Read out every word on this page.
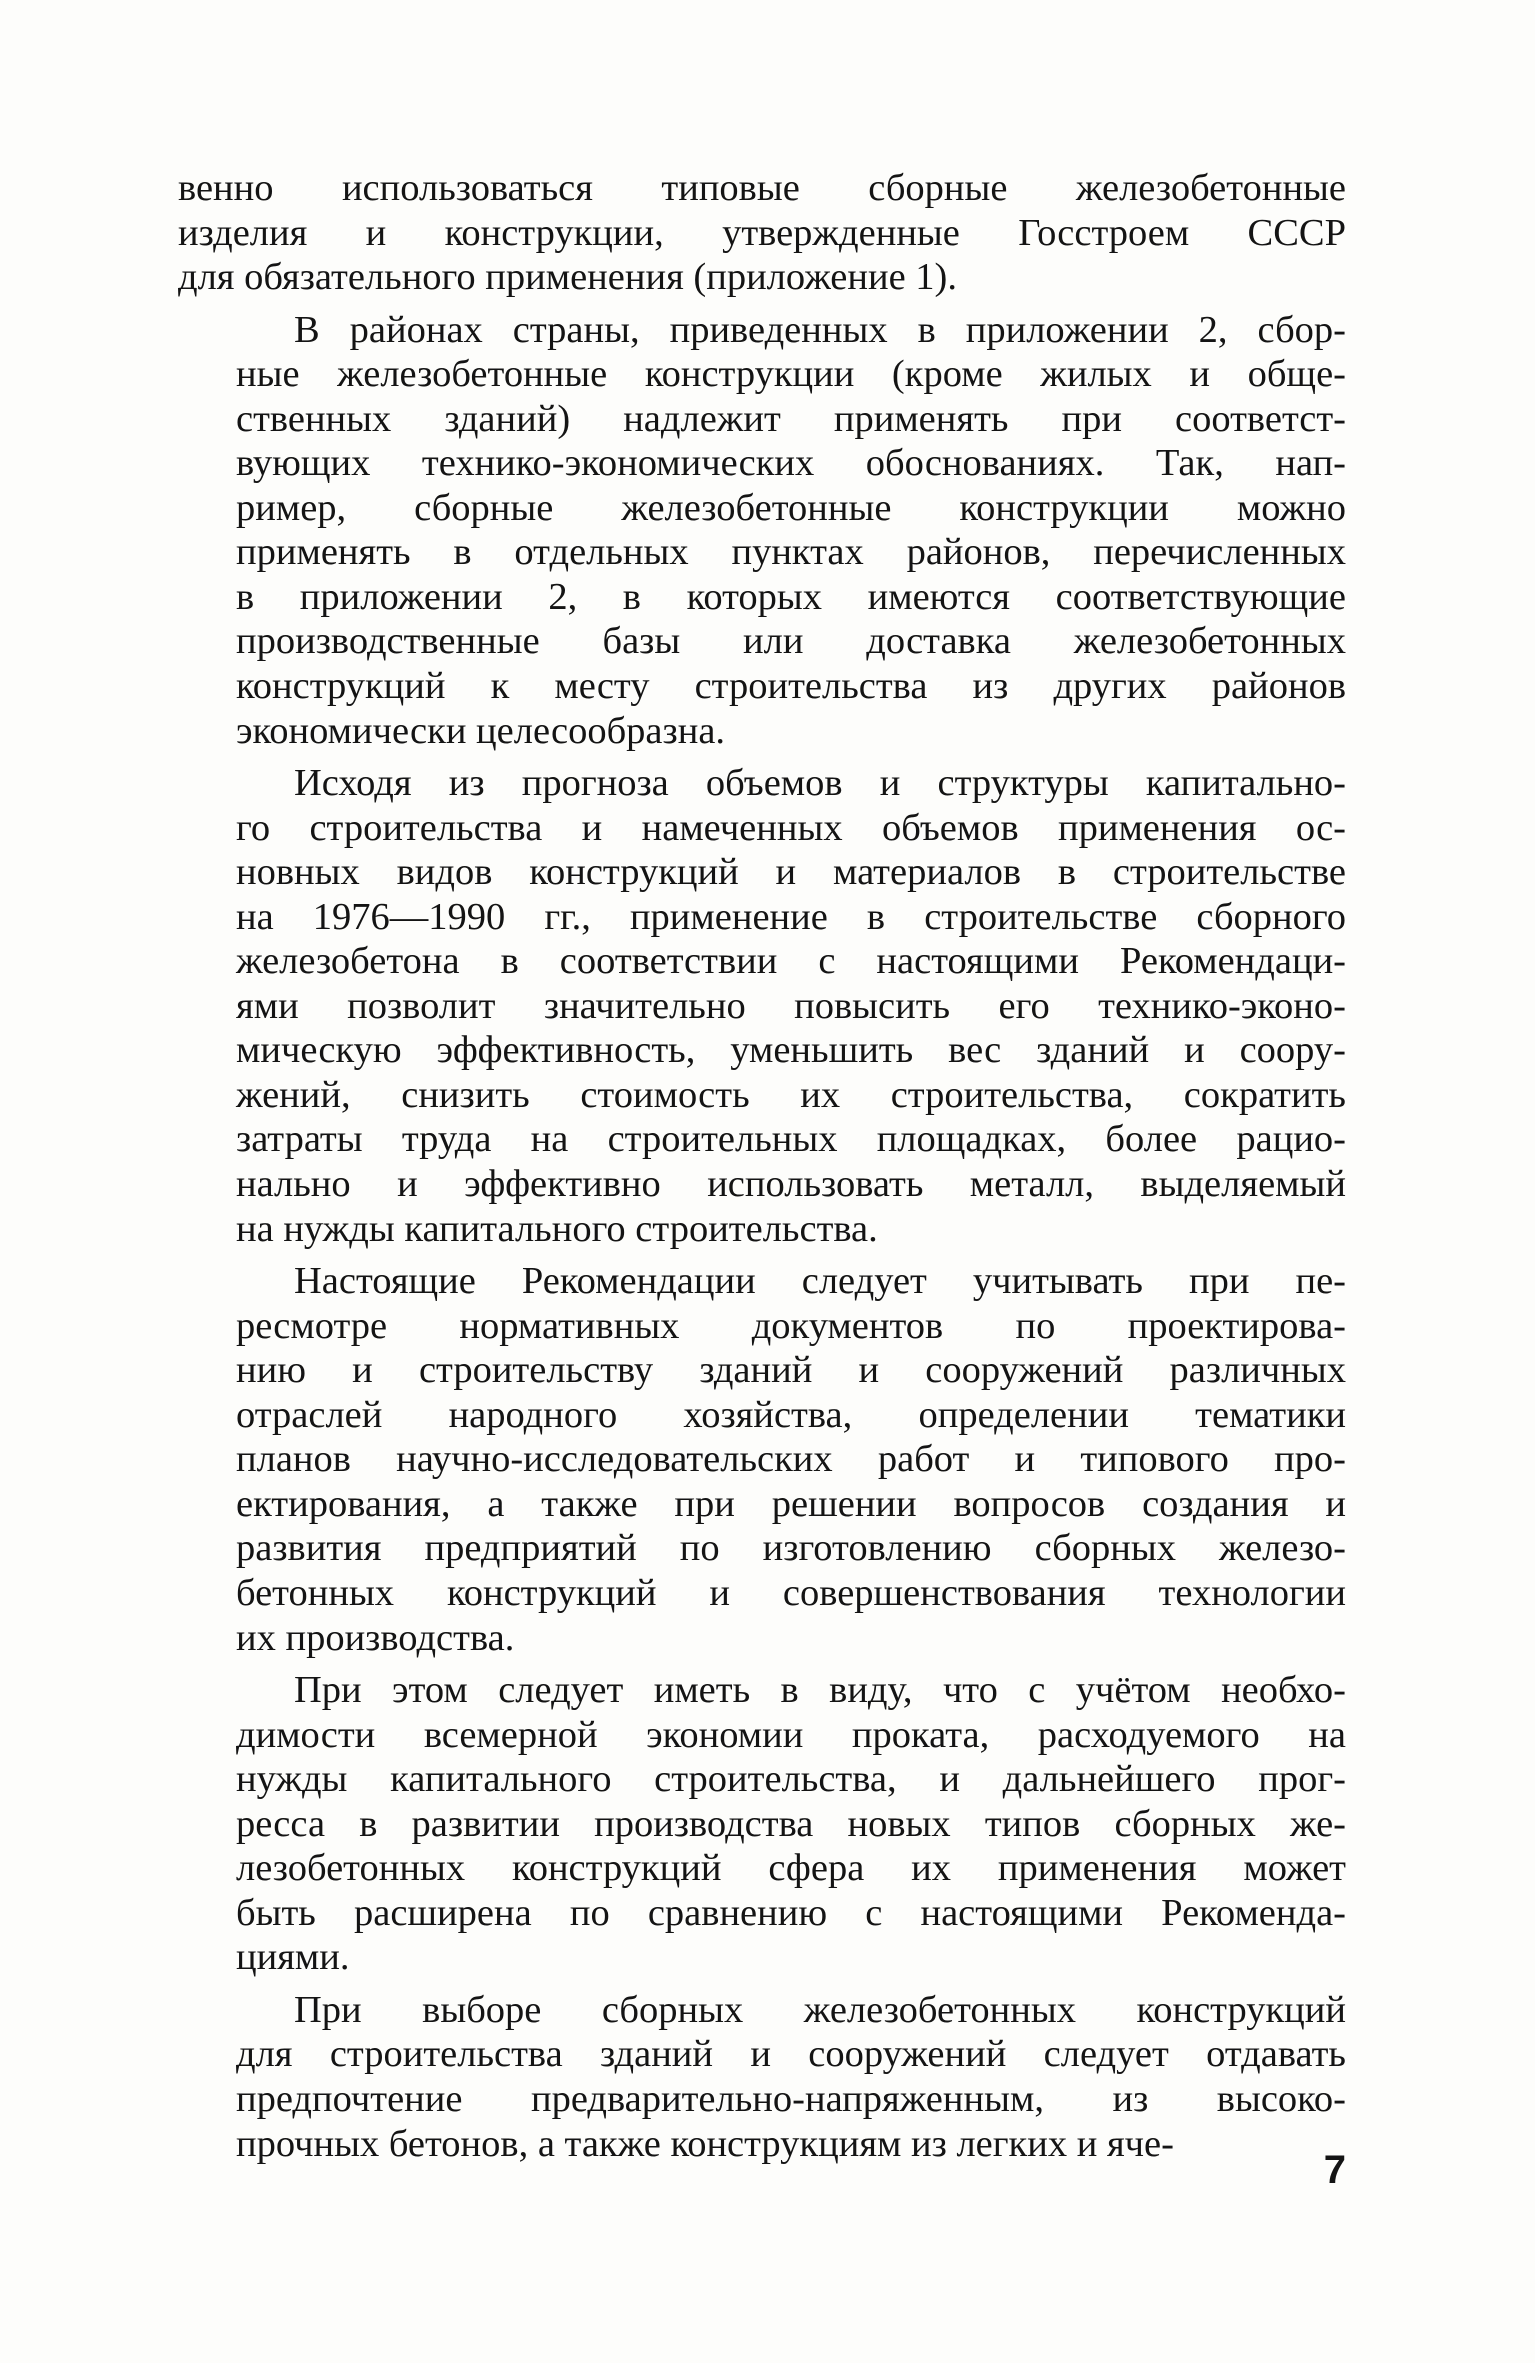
венно использоваться типовые сборные железобетонные
изделия и конструкции, утвержденные Госстроем СССР
для обязательного применения (приложение 1).
В районах страны, приведенных в приложении 2, сбор-
ные железобетонные конструкции (кроме жилых и обще-
ственных зданий) надлежит применять при соответст-
вующих технико-экономических обоснованиях. Так, нап-
ример, сборные железобетонные конструкции можно
применять в отдельных пунктах районов, перечисленных
в приложении 2, в которых имеются соответствующие
производственные базы или доставка железобетонных
конструкций к месту строительства из других районов
экономически целесообразна.
Исходя из прогноза объемов и структуры капитально-
го строительства и намеченных объемов применения ос-
новных видов конструкций и материалов в строительстве
на 1976—1990 гг., применение в строительстве сборного
железобетона в соответствии с настоящими Рекомендаци-
ями позволит значительно повысить его технико-эконо-
мическую эффективность, уменьшить вес зданий и соору-
жений, снизить стоимость их строительства, сократить
затраты труда на строительных площадках, более рацио-
нально и эффективно использовать металл, выделяемый
на нужды капитального строительства.
Настоящие Рекомендации следует учитывать при пе-
ресмотре нормативных документов по проектирова-
нию и строительству зданий и сооружений различных
отраслей народного хозяйства, определении тематики
планов научно-исследовательских работ и типового про-
ектирования, а также при решении вопросов создания и
развития предприятий по изготовлению сборных железо-
бетонных конструкций и совершенствования технологии
их производства.
При этом следует иметь в виду, что с учётом необхо-
димости всемерной экономии проката, расходуемого на
нужды капитального строительства, и дальнейшего прог-
ресса в развитии производства новых типов сборных же-
лезобетонных конструкций сфера их применения может
быть расширена по сравнению с настоящими Рекоменда-
циями.
При выборе сборных железобетонных конструкций
для строительства зданий и сооружений следует отдавать
предпочтение предварительно-напряженным, из высоко-
прочных бетонов, а также конструкциям из легких и яче-
7
